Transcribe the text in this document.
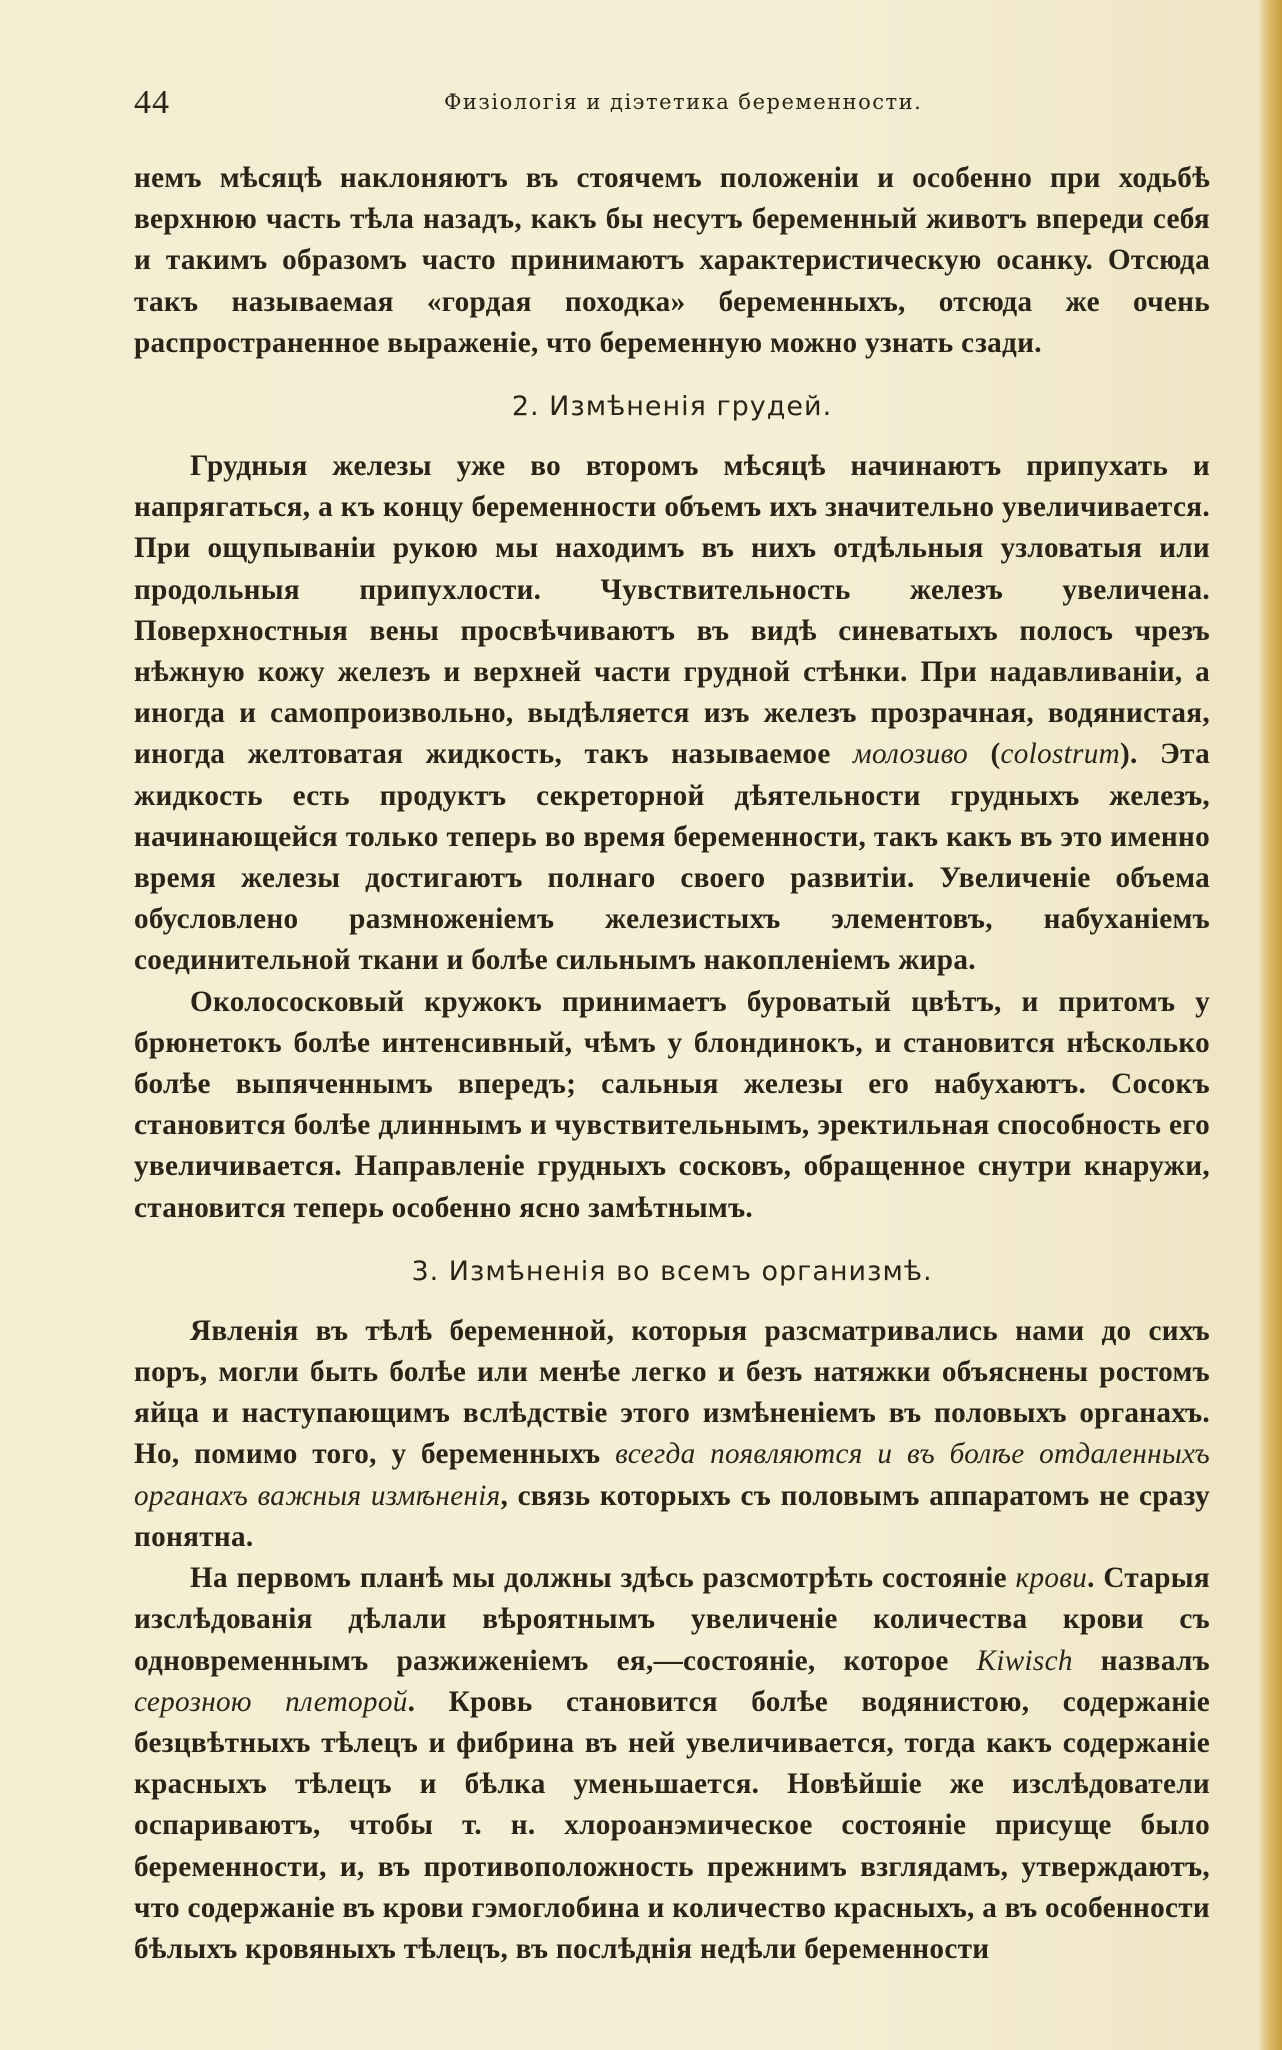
44	Физіологія и діэтетика беременности.

немъ мѣсяцѣ наклоняютъ въ стоячемъ положеніи и особенно при ходьбѣ верхнюю часть тѣла назадъ, какъ бы несутъ беременный животъ впереди себя и такимъ образомъ часто принимаютъ характеристическую осанку. Отсюда такъ называемая «гордая походка» беременныхъ, отсюда же очень распространенное выраженіе, что беременную можно узнать сзади.

2. Измѣненія грудей.

Грудныя железы уже во второмъ мѣсяцѣ начинаютъ припухать и напрягаться, а къ концу беременности объемъ ихъ значительно увеличивается. При ощупываніи рукою мы находимъ въ нихъ отдѣльныя узловатыя или продольныя припухлости. Чувствительность железъ увеличена. Поверхностныя вены просвѣчиваютъ въ видѣ синеватыхъ полосъ чрезъ нѣжную кожу железъ и верхней части грудной стѣнки. При надавливаніи, а иногда и самопроизвольно, выдѣляется изъ железъ прозрачная, водянистая, иногда желтоватая жидкость, такъ называемое молозиво (colostrum). Эта жидкость есть продуктъ секреторной дѣятельности грудныхъ железъ, начинающейся только теперь во время беременности, такъ какъ въ это именно время железы достигаютъ полнаго своего развитіи. Увеличеніе объема обусловлено размноженіемъ железистыхъ элементовъ, набуханіемъ соединительной ткани и болѣе сильнымъ накопленіемъ жира.

Околососковый кружокъ принимаетъ буроватый цвѣтъ, и притомъ у брюнетокъ болѣе интенсивный, чѣмъ у блондинокъ, и становится нѣсколько болѣе выпяченнымъ впередъ; сальныя железы его набухаютъ. Сосокъ становится болѣе длиннымъ и чувствительнымъ, эректильная способность его увеличивается. Направленіе грудныхъ сосковъ, обращенное снутри кнаружи, становится теперь особенно ясно замѣтнымъ.

3. Измѣненія во всемъ организмѣ.

Явленія въ тѣлѣ беременной, которыя разсматривались нами до сихъ поръ, могли быть болѣе или менѣе легко и безъ натяжки объяснены ростомъ яйца и наступающимъ вслѣдствіе этого измѣненіемъ въ половыхъ органахъ. Но, помимо того, у беременныхъ всегда появляются и въ болѣе отдаленныхъ органахъ важныя измѣненія, связь которыхъ съ половымъ аппаратомъ не сразу понятна.

На первомъ планѣ мы должны здѣсь разсмотрѣть состояніе крови. Старыя изслѣдованія дѣлали вѣроятнымъ увеличеніе количества крови съ одновременнымъ разжиженіемъ ея,—состояніе, которое Kiwisch назвалъ серозною плеторой. Кровь становится болѣе водянистою, содержаніе безцвѣтныхъ тѣлецъ и фибрина въ ней увеличивается, тогда какъ содержаніе красныхъ тѣлецъ и бѣлка уменьшается. Новѣйшіе же изслѣдователи оспариваютъ, чтобы т. н. хлороанэмическое состояніе присуще было беременности, и, въ противоположность прежнимъ взглядамъ, утверждаютъ, что содержаніе въ крови гэмоглобина и количество красныхъ, а въ особенности бѣлыхъ кровяныхъ тѣлецъ, въ послѣднія недѣли беременности
